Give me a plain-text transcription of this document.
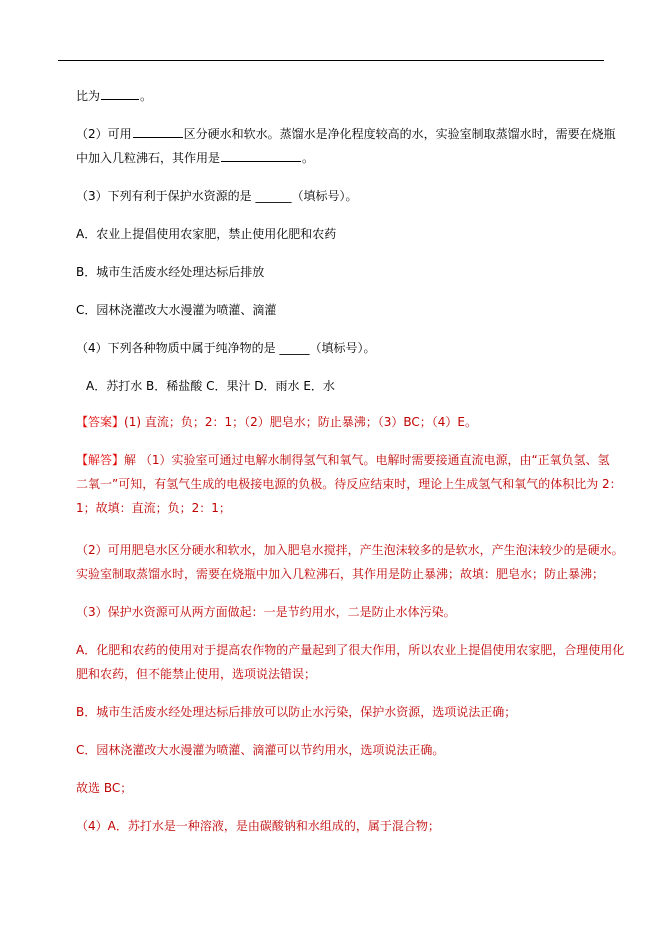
比为	。
（2）可用	区分硬水和软水。蒸馏水是净化程度较高的水，实验室制取蒸馏水时，需要在烧瓶
中加入几粒沸石，其作用是	。
（3）下列有利于保护水资源的是 ______（填标号）。
A．农业上提倡使用农家肥，禁止使用化肥和农药
B．城市生活废水经处理达标后排放
C．园林浇灌改大水漫灌为喷灌、滴灌
（4）下列各种物质中属于纯净物的是 _____（填标号）。
A．苏打水 B．稀盐酸 C．果汁 D．雨水 E．水
【答案】(1) 直流；负；2：1；（2）肥皂水；防止暴沸；（3）BC；（4）E。
【解答】解 （1）实验室可通过电解水制得氢气和氧气。电解时需要接通直流电源，由“正氧负氢、氢
二氧一”可知，有氢气生成的电极接电源的负极。待反应结束时，理论上生成氢气和氧气的体积比为 2：
1；故填：直流；负；2：1；
（2）可用肥皂水区分硬水和软水，加入肥皂水搅拌，产生泡沫较多的是软水，产生泡沫较少的是硬水。
实验室制取蒸馏水时，需要在烧瓶中加入几粒沸石，其作用是防止暴沸；故填：肥皂水；防止暴沸；
（3）保护水资源可从两方面做起：一是节约用水，二是防止水体污染。
A．化肥和农药的使用对于提高农作物的产量起到了很大作用，所以农业上提倡使用农家肥，合理使用化
肥和农药，但不能禁止使用，选项说法错误；
B．城市生活废水经处理达标后排放可以防止水污染，保护水资源，选项说法正确；
C．园林浇灌改大水漫灌为喷灌、滴灌可以节约用水，选项说法正确。
故选 BC；
（4）A．苏打水是一种溶液，是由碳酸钠和水组成的，属于混合物；
